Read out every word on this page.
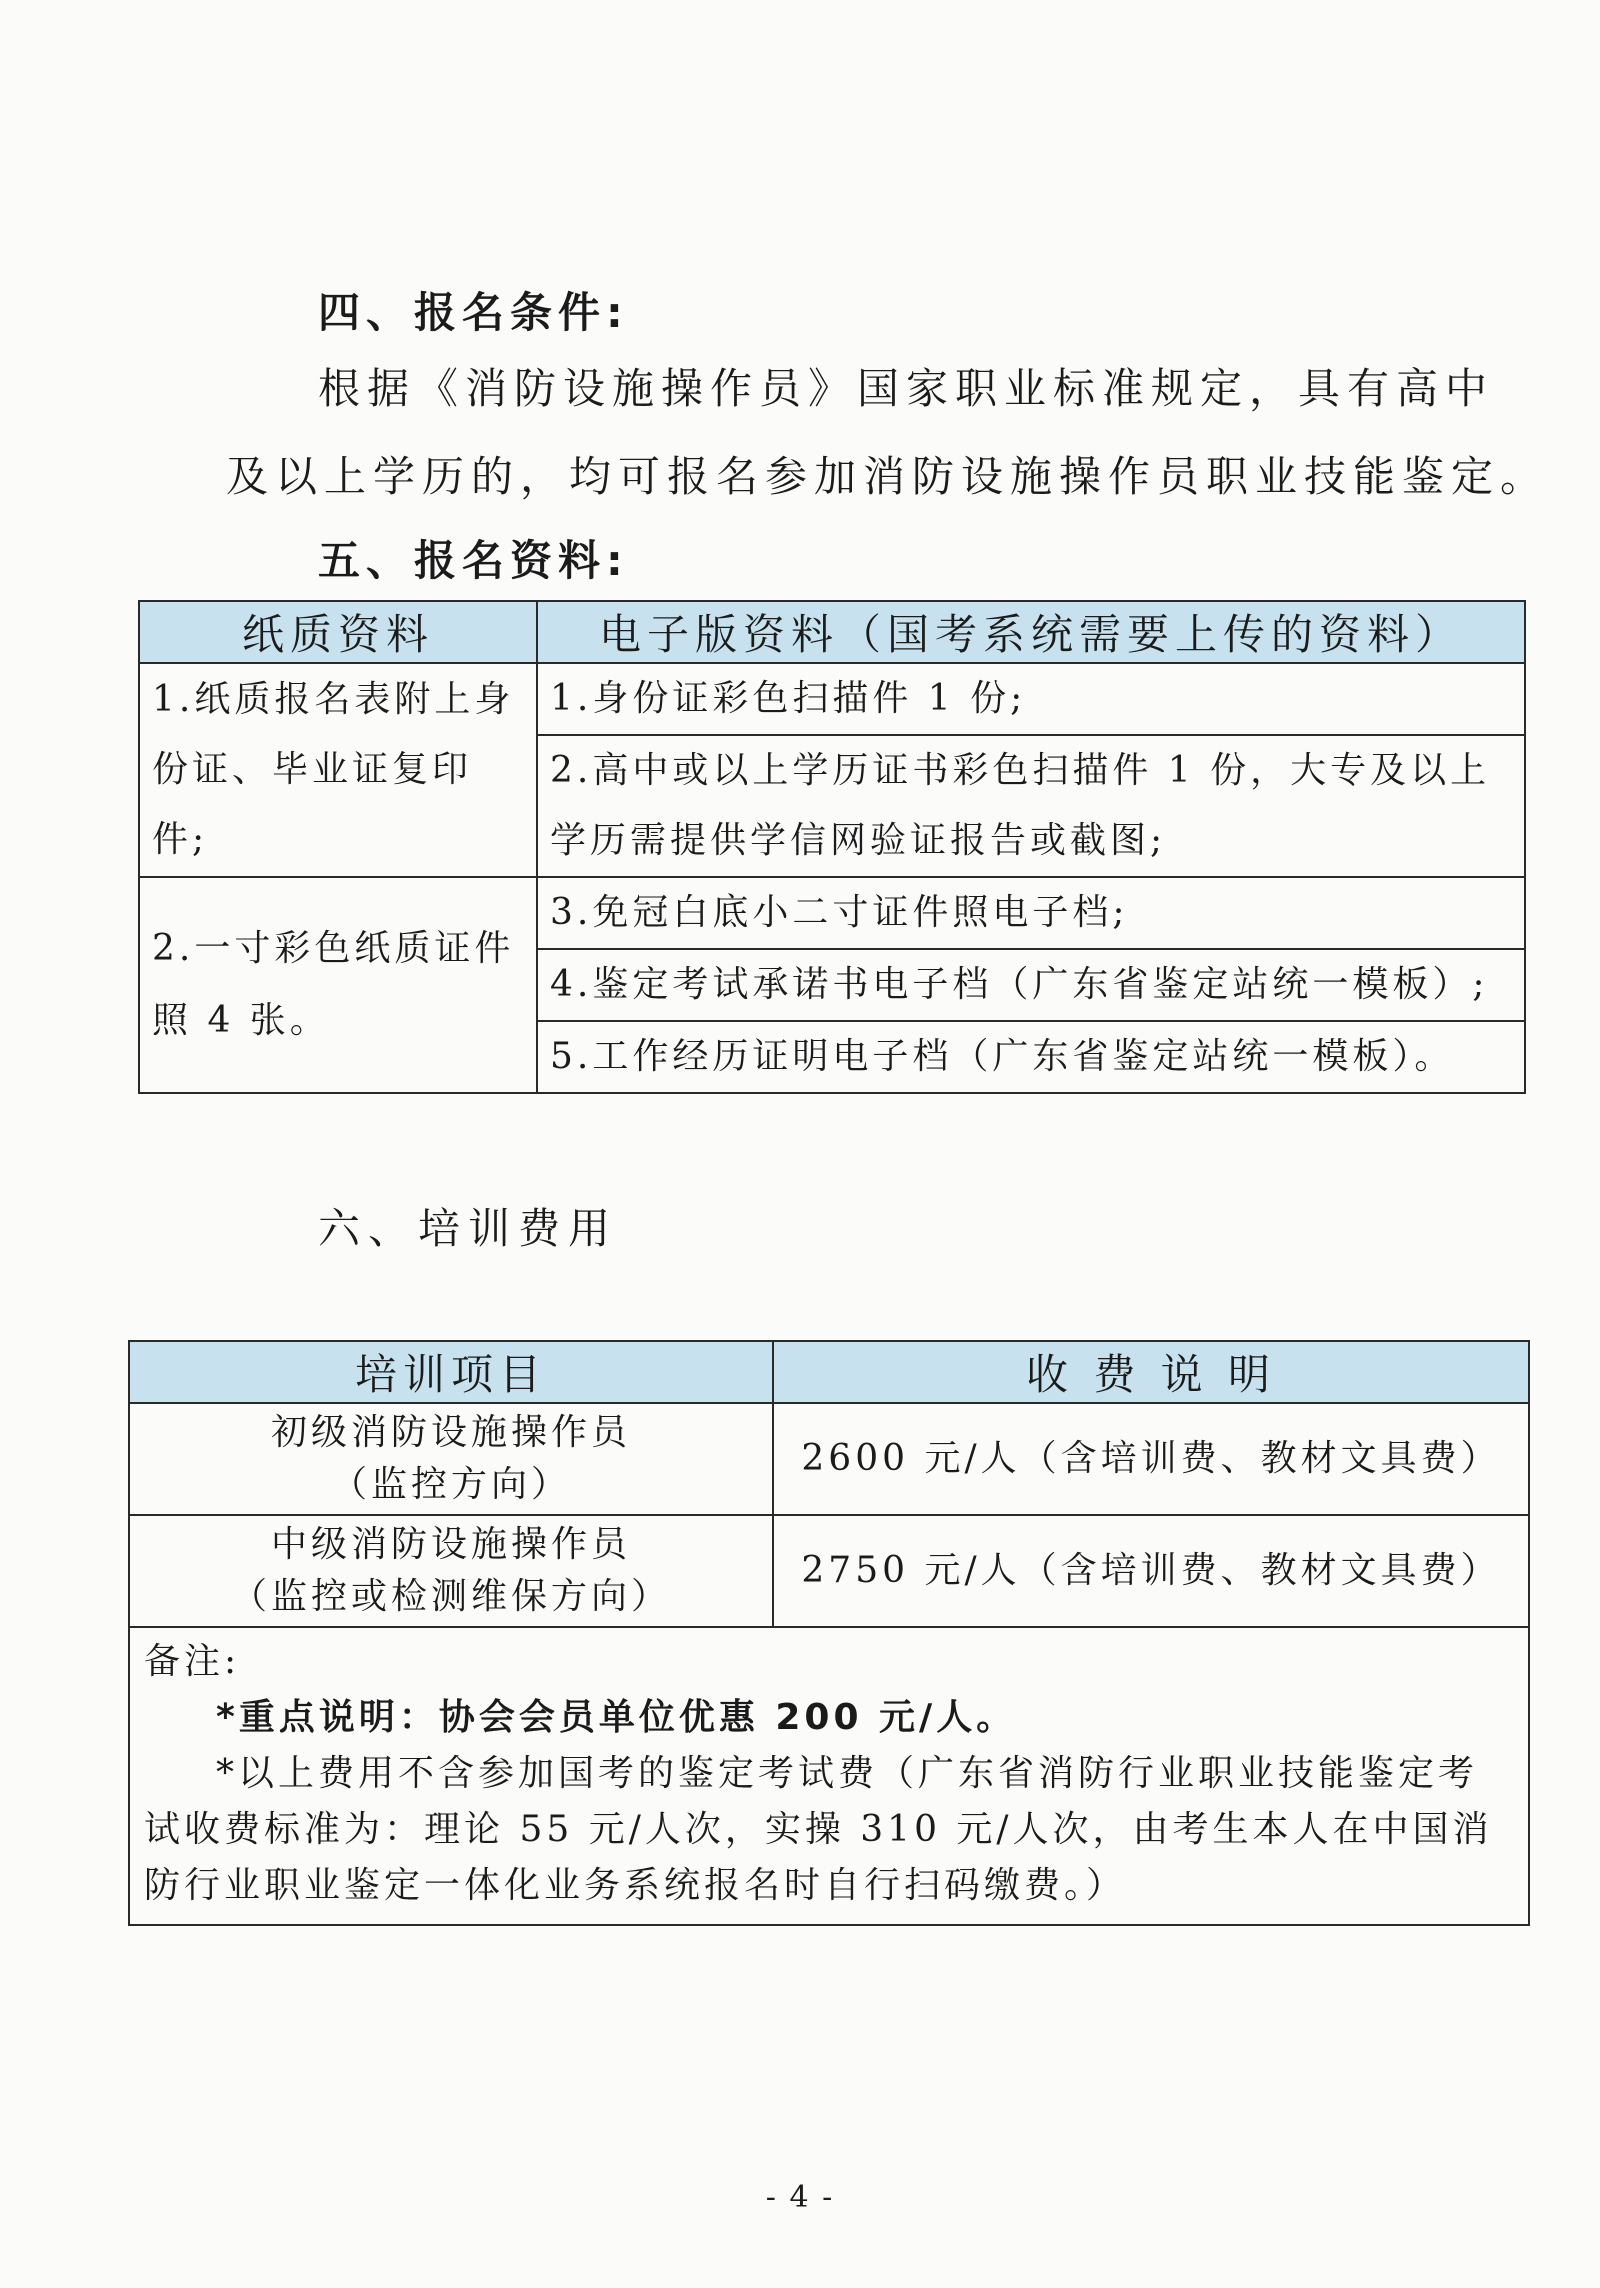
四、报名条件:
根据《消防设施操作员》国家职业标准规定，具有高中
及以上学历的，均可报名参加消防设施操作员职业技能鉴定。
五、报名资料:
纸质资料	电子版资料（国考系统需要上传的资料）
1.纸质报名表附上身份证、毕业证复印件;	1.身份证彩色扫描件 1 份;
	2.高中或以上学历证书彩色扫描件 1 份，大专及以上学历需提供学信网验证报告或截图;
2.一寸彩色纸质证件照 4 张。	3.免冠白底小二寸证件照电子档;
	4.鉴定考试承诺书电子档（广东省鉴定站统一模板）;
	5.工作经历证明电子档（广东省鉴定站统一模板）。
六、培训费用
培训项目	收 费 说 明

初级消防设施操作员
（监控方向）	2600 元/人（含培训费、教材文具费）

中级消防设施操作员
（监控或检测维保方向）	2750 元/人（含培训费、教材文具费）

备注:
*重点说明：协会会员单位优惠 200 元/人。
*以上费用不含参加国考的鉴定考试费（广东省消防行业职业技能鉴定考试收费标准为：理论 55 元/人次，实操 310 元/人次，由考生本人在中国消防行业职业鉴定一体化业务系统报名时自行扫码缴费。）	
- 4 -
